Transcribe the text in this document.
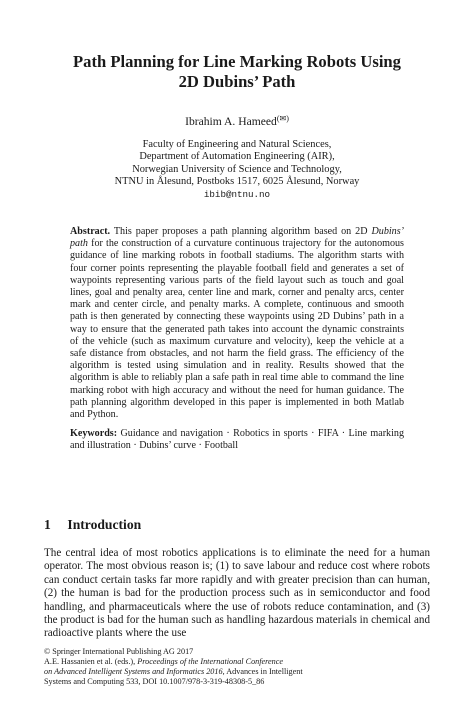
Path Planning for Line Marking Robots Using
2D Dubins’ Path
Ibrahim A. Hameed(✉)
Faculty of Engineering and Natural Sciences,
Department of Automation Engineering (AIR),
Norwegian University of Science and Technology,
NTNU in Ålesund, Postboks 1517, 6025 Ålesund, Norway
ibib@ntnu.no

Abstract. This paper proposes a path planning algorithm based on 2D Dubins’ path for the construction of a curvature continuous trajectory for the autonomous guidance of line marking robots in football stadiums. The algorithm starts with four corner points representing the playable football field and generates a set of waypoints representing various parts of the field layout such as touch and goal lines, goal and penalty area, center line and mark, corner and penalty arcs, center mark and center circle, and penalty marks. A complete, continuous and smooth path is then generated by connecting these waypoints using 2D Dubins’ path in a way to ensure that the generated path takes into account the dynamic constraints of the vehicle (such as maximum curvature and velocity), keep the vehicle at a safe distance from obstacles, and not harm the field grass. The efficiency of the algorithm is tested using simulation and in reality. Results showed that the algorithm is able to reliably plan a safe path in real time able to command the line marking robot with high accuracy and without the need for human guidance. The path planning algorithm developed in this paper is implemented in both Matlab and Python.

Keywords: Guidance and navigation · Robotics in sports · FIFA · Line marking and illustration · Dubins’ curve · Football
1 Introduction

The central idea of most robotics applications is to eliminate the need for a human operator. The most obvious reason is; (1) to save labour and reduce cost where robots can conduct certain tasks far more rapidly and with greater precision than can human, (2) the human is bad for the production process such as in semiconductor and food handling, and pharmaceuticals where the use of robots reduce contamination, and (3) the product is bad for the human such as handling hazardous materials in chemical and radioactive plants where the use

© Springer International Publishing AG 2017
A.E. Hassanien et al. (eds.), Proceedings of the International Conference
on Advanced Intelligent Systems and Informatics 2016, Advances in Intelligent
Systems and Computing 533, DOI 10.1007/978-3-319-48308-5_86
